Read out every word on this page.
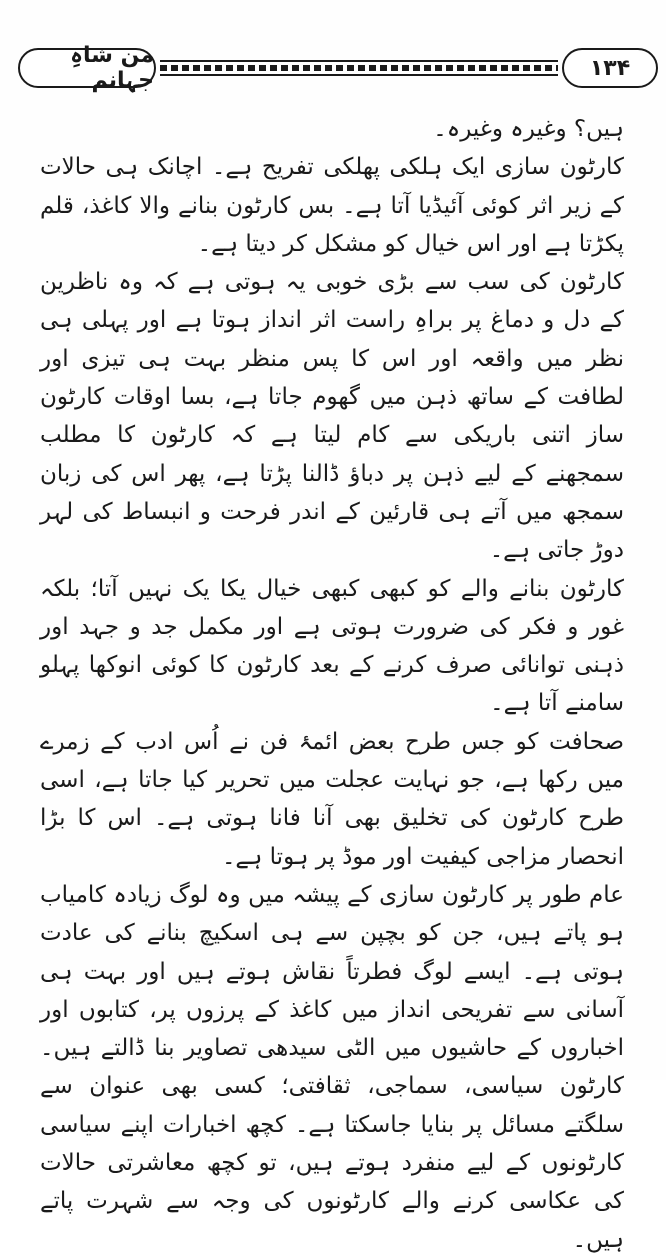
من شاہِ جہانم	۱۳۴

ہیں؟ وغیرہ وغیرہ۔

کارٹون سازی ایک ہلکی پھلکی تفریح ہے۔ اچانک ہی حالات کے زیر اثر کوئی آئیڈیا آتا ہے۔ بس کارٹون بنانے والا کاغذ، قلم پکڑتا ہے اور اس خیال کو مشکل کر دیتا ہے۔

کارٹون کی سب سے بڑی خوبی یہ ہوتی ہے کہ وہ ناظرین کے دل و دماغ پر براہِ راست اثر انداز ہوتا ہے اور پہلی ہی نظر میں واقعہ اور اس کا پس منظر بہت ہی تیزی اور لطافت کے ساتھ ذہن میں گھوم جاتا ہے، بسا اوقات کارٹون ساز اتنی باریکی سے کام لیتا ہے کہ کارٹون کا مطلب سمجھنے کے لیے ذہن پر دباؤ ڈالنا پڑتا ہے، پھر اس کی زبان سمجھ میں آتے ہی قارئین کے اندر فرحت و انبساط کی لہر دوڑ جاتی ہے۔

کارٹون بنانے والے کو کبھی کبھی خیال یکا یک نہیں آتا؛ بلکہ غور و فکر کی ضرورت ہوتی ہے اور مکمل جد و جہد اور ذہنی توانائی صرف کرنے کے بعد کارٹون کا کوئی انوکھا پہلو سامنے آتا ہے۔

صحافت کو جس طرح بعض ائمۂ فن نے اُس ادب کے زمرے میں رکھا ہے، جو نہایت عجلت میں تحریر کیا جاتا ہے، اسی طرح کارٹون کی تخلیق بھی آنا فانا ہوتی ہے۔ اس کا بڑا انحصار مزاجی کیفیت اور موڈ پر ہوتا ہے۔

عام طور پر کارٹون سازی کے پیشہ میں وہ لوگ زیادہ کامیاب ہو پاتے ہیں، جن کو بچپن سے ہی اسکیچ بنانے کی عادت ہوتی ہے۔ ایسے لوگ فطرتاً نقاش ہوتے ہیں اور بہت ہی آسانی سے تفریحی انداز میں کاغذ کے پرزوں پر، کتابوں اور اخباروں کے حاشیوں میں الٹی سیدھی تصاویر بنا ڈالتے ہیں۔ کارٹون سیاسی، سماجی، ثقافتی؛ کسی بھی عنوان سے سلگتے مسائل پر بنایا جاسکتا ہے۔ کچھ اخبارات اپنے سیاسی کارٹونوں کے لیے منفرد ہوتے ہیں، تو کچھ معاشرتی حالات کی عکاسی کرنے والے کارٹونوں کی وجہ سے شہرت پاتے ہیں۔
